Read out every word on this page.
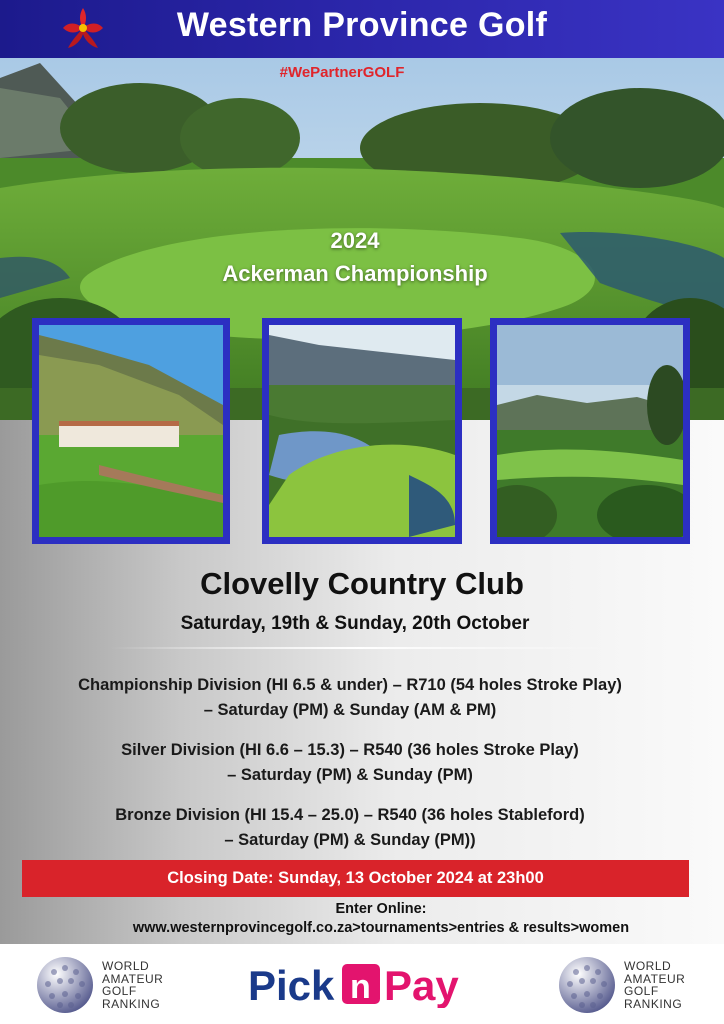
Western Province Golf
#WePartnerGOLF
2024
Ackerman Championship
Clovelly Country Club
Saturday, 19th & Sunday, 20th October
Championship Division (HI 6.5 & under) – R710 (54 holes Stroke Play)
– Saturday (PM) & Sunday (AM & PM)
Silver Division (HI 6.6 – 15.3) – R540 (36 holes Stroke Play)
– Saturday (PM) & Sunday (PM)
Bronze Division (HI 15.4 – 25.0) – R540 (36 holes Stableford)
– Saturday (PM) & Sunday (PM))
Closing Date: Sunday, 13 October 2024 at 23h00
Enter Online:
www.westernprovincegolf.co.za>tournaments>entries & results>women
WORLD
AMATEUR
GOLF
RANKING Pick n Pay	WORLD
AMATEUR
GOLF
RANKING
